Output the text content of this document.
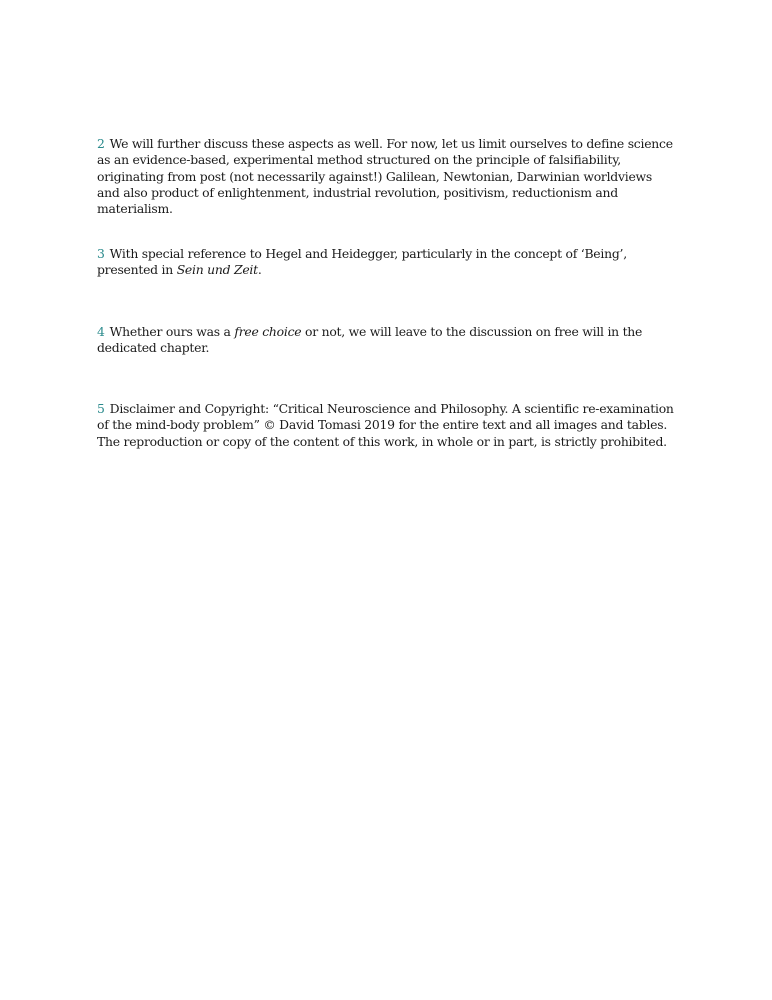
2 We will further discuss these aspects as well. For now, let us limit ourselves to define science as an evidence-based, experimental method structured on the principle of falsifiability, originating from post (not necessarily against!) Galilean, Newtonian, Darwinian worldviews and also product of enlightenment, industrial revolution, positivism, reductionism and materialism.

3 With special reference to Hegel and Heidegger, particularly in the concept of ‘Being’, presented in Sein und Zeit.

4 Whether ours was a free choice or not, we will leave to the discussion on free will in the dedicated chapter.

5 Disclaimer and Copyright: “Critical Neuroscience and Philosophy. A scientific re-examination of the mind-body problem” © David Tomasi 2019 for the entire text and all images and tables. The reproduction or copy of the content of this work, in whole or in part, is strictly prohibited.
